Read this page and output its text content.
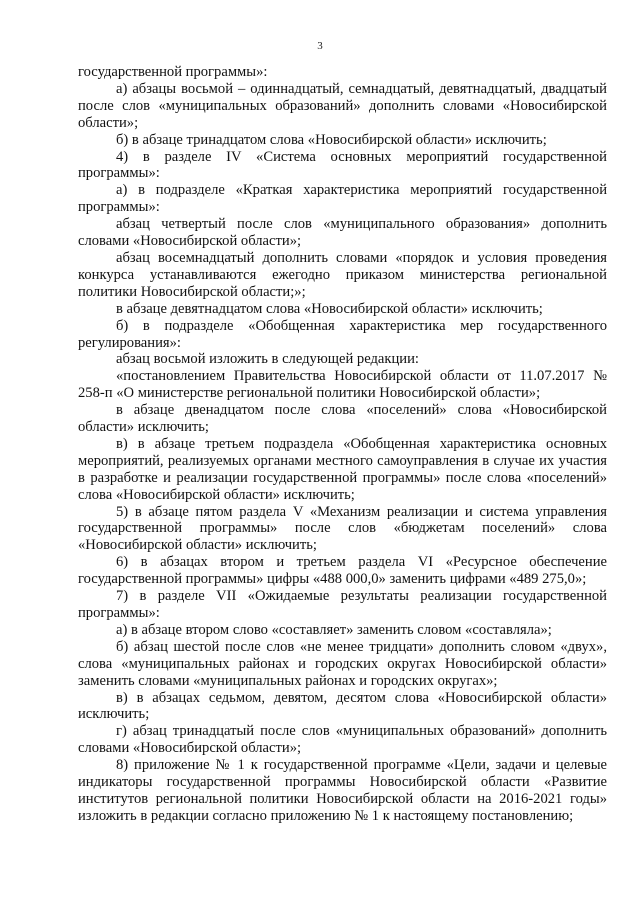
3

государственной программы»:

а) абзацы восьмой – одиннадцатый, семнадцатый, девятнадцатый, двадцатый после слов «муниципальных образований» дополнить словами «Новосибирской области»;

б) в абзаце тринадцатом слова «Новосибирской области» исключить;

4) в разделе IV «Система основных мероприятий государственной программы»:

а) в подразделе «Краткая характеристика мероприятий государственной программы»:

абзац четвертый после слов «муниципального образования» дополнить словами «Новосибирской области»;

абзац восемнадцатый дополнить словами «порядок и условия проведения конкурса устанавливаются ежегодно приказом министерства региональной политики Новосибирской области;»;

в абзаце девятнадцатом слова «Новосибирской области» исключить;

б) в подразделе «Обобщенная характеристика мер государственного регулирования»:

абзац восьмой изложить в следующей редакции:

«постановлением Правительства Новосибирской области от 11.07.2017 № 258-п «О министерстве региональной политики Новосибирской области»;

в абзаце двенадцатом после слова «поселений» слова «Новосибирской области» исключить;

в) в абзаце третьем подраздела «Обобщенная характеристика основных мероприятий, реализуемых органами местного самоуправления в случае их участия в разработке и реализации государственной программы» после слова «поселений» слова «Новосибирской области» исключить;

5) в абзаце пятом раздела V «Механизм реализации и система управления государственной программы» после слов «бюджетам поселений» слова «Новосибирской области» исключить;

6) в абзацах втором и третьем раздела VI «Ресурсное обеспечение государственной программы» цифры «488 000,0» заменить цифрами «489 275,0»;

7) в разделе VII «Ожидаемые результаты реализации государственной программы»:

а) в абзаце втором слово «составляет» заменить словом «составляла»;

б) абзац шестой после слов «не менее тридцати» дополнить словом «двух», слова «муниципальных районах и городских округах Новосибирской области» заменить словами «муниципальных районах и городских округах»;

в) в абзацах седьмом, девятом, десятом слова «Новосибирской области» исключить;

г) абзац тринадцатый после слов «муниципальных образований» дополнить словами «Новосибирской области»;

8) приложение № 1 к государственной программе «Цели, задачи и целевые индикаторы государственной программы Новосибирской области «Развитие институтов региональной политики Новосибирской области на 2016-2021 годы» изложить в редакции согласно приложению № 1 к настоящему постановлению;
